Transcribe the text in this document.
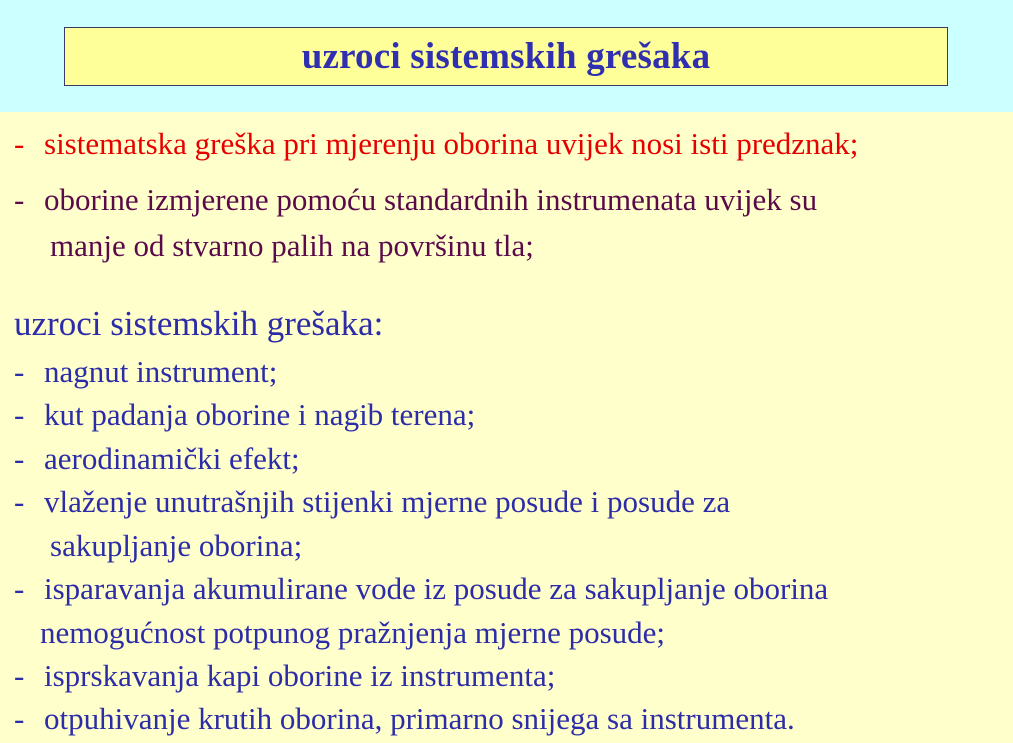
uzroci sistemskih grešaka
- sistematska greška pri mjerenju oborina uvijek nosi isti predznak;
- oborine izmjerene pomoću standardnih instrumenata uvijek su
manje od stvarno palih na površinu tla;
uzroci sistemskih grešaka:
- nagnut instrument;
- kut padanja oborine i nagib terena;
- aerodinamički efekt;
- vlaženje unutrašnjih stijenki mjerne posude i posude za
sakupljanje oborina;
- isparavanja akumulirane vode iz posude za sakupljanje oborina
nemogućnost potpunog pražnjenja mjerne posude;
- isprskavanja kapi oborine iz instrumenta;
- otpuhivanje krutih oborina, primarno snijega sa instrumenta.
